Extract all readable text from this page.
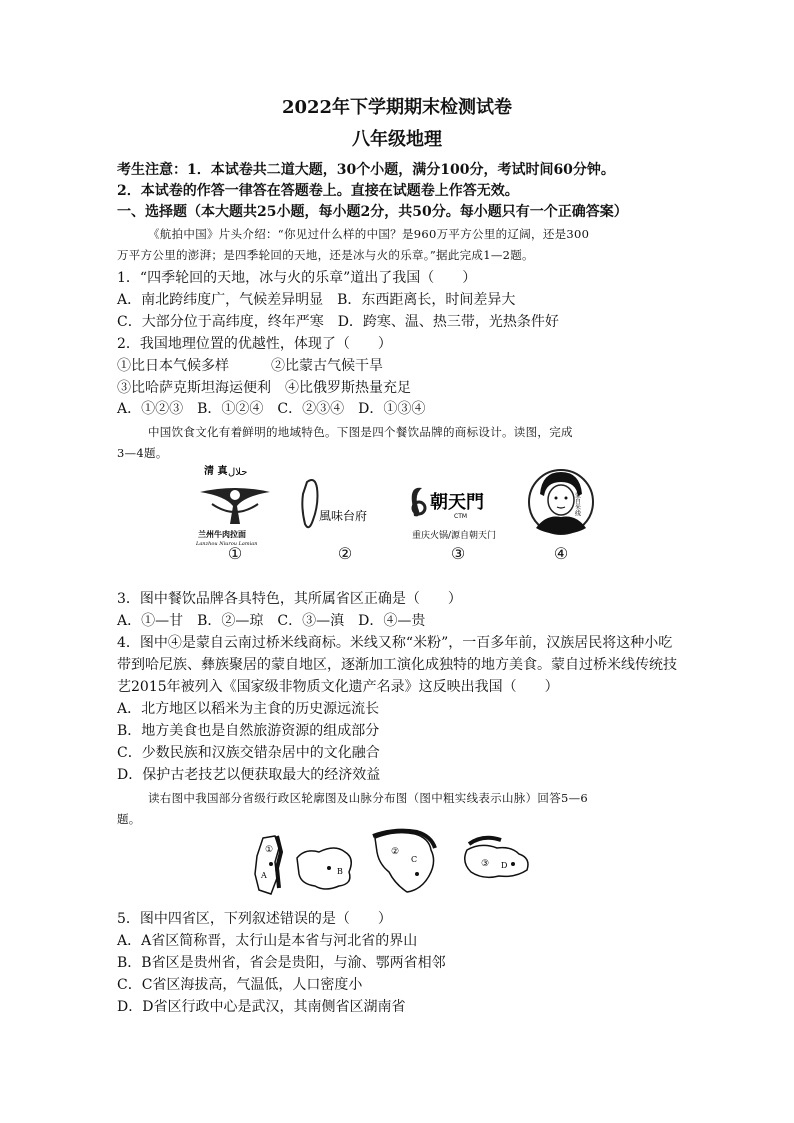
2022年下学期期末检测试卷
八年级地理
考生注意：1．本试卷共二道大题，30个小题，满分100分，考试时间60分钟。
2．本试卷的作答一律答在答题卷上。直接在试题卷上作答无效。
一、选择题（本大题共25小题，每小题2分，共50分。每小题只有一个正确答案）
《航拍中国》片头介绍：“你见过什么样的中国？是960万平方公里的辽阔，还是300
万平方公里的澎湃；是四季轮回的天地，还是冰与火的乐章。”据此完成1—2题。
1．“四季轮回的天地，冰与火的乐章”道出了我国（　　）
A．南北跨纬度广，气候差异明显　B．东西距离长，时间差异大
C．大部分位于高纬度，终年严寒　D．跨寒、温、热三带，光热条件好
2．我国地理位置的优越性，体现了（　　）
①比日本气候多样　　　②比蒙古气候干旱
③比哈萨克斯坦海运便利　④比俄罗斯热量充足
A．①②③　B．①②④　C．②③④　D．①③④
中国饮食文化有着鲜明的地域特色。下图是四个餐饮品牌的商标设计。读图，完成
3—4题。
清 真 حلال
兰州牛肉拉面
Lanzhou Niurou Lamian
風味台府
朝天門
CTM
重庆火锅/源自朝天门
蒙自米线
①	②	③	④
3．图中餐饮品牌各具特色，其所属省区正确是（　　）
A．①—甘　B．②—琼　C．③—滇　D．④—贵
4．图中④是蒙自云南过桥米线商标。米线又称“米粉”，一百多年前，汉族居民将这种小吃
带到哈尼族、彝族聚居的蒙自地区，逐渐加工演化成独特的地方美食。蒙自过桥米线传统技
艺2015年被列入《国家级非物质文化遗产名录》这反映出我国（　　）
A．北方地区以稻米为主食的历史源远流长
B．地方美食也是自然旅游资源的组成部分
C．少数民族和汉族交错杂居中的文化融合
D．保护古老技艺以便获取最大的经济效益
读右图中我国部分省级行政区轮廓图及山脉分布图（图中粗实线表示山脉）回答5—6
题。
①
A	B
②
C	③ D
5．图中四省区，下列叙述错误的是（　　）
A．A省区简称晋，太行山是本省与河北省的界山
B．B省区是贵州省，省会是贵阳，与渝、鄂两省相邻
C．C省区海拔高，气温低，人口密度小
D．D省区行政中心是武汉，其南侧省区湖南省
